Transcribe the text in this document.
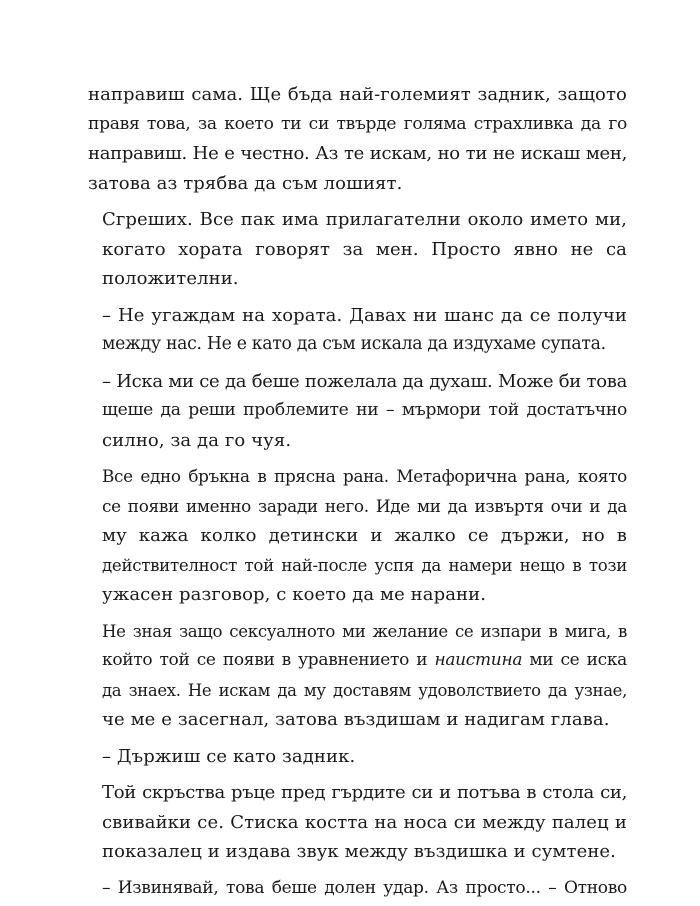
направиш сама. Ще бъда най-големият задник, защото
правя това, за което ти си твърде голяма страхливка да го
направиш. Не е честно. Аз те искам, но ти не искаш мен,
затова аз трябва да съм лошият.

Сгреших. Все пак има прилагателни около името ми,
когато хората говорят за мен. Просто явно не са
положителни.

– Не угаждам на хората. Давах ни шанс да се получи
между нас. Не е като да съм искала да издухаме супата.

– Иска ми се да беше пожелала да духаш. Може би това
щеше да реши проблемите ни – мърмори той достатъчно
силно, за да го чуя.

Все едно бръкна в прясна рана. Метафорична рана, която
се появи именно заради него. Иде ми да извъртя очи и да
му кажа колко детински и жалко се държи, но в
действителност той най-после успя да намери нещо в този
ужасен разговор, с което да ме нарани.

Не зная защо сексуалното ми желание се изпари в мига, в
който той се появи в уравнението и наистина ми се иска
да знаех. Не искам да му доставям удоволствието да узнае,
че ме е засегнал, затова въздишам и надигам глава.

– Държиш се като задник.

Той скръства ръце пред гърдите си и потъва в стола си,
свивайки се. Стиска костта на носа си между палец и
показалец и издава звук между въздишка и сумтене.

– Извинявай, това беше долен удар. Аз просто... – Отново
